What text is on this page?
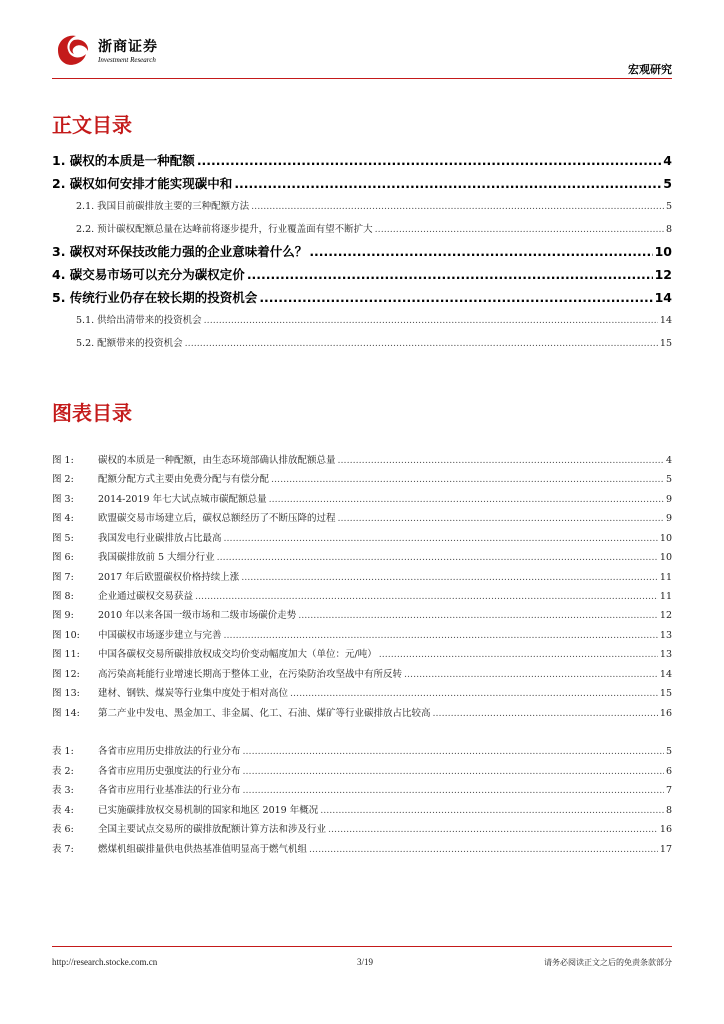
浙商证券
Investment Research
宏观研究
正文目录
1. 碳权的本质是一种配额 .....	4
2. 碳权如何安排才能实现碳中和 .....	5
2.1. 我国目前碳排放主要的三种配额方法 .....	5
2.2. 预计碳权配额总量在达峰前将逐步提升，行业覆盖面有望不断扩大 .....	8
3. 碳权对环保技改能力强的企业意味着什么？ .....	10
4. 碳交易市场可以充分为碳权定价 .....	12
5. 传统行业仍存在较长期的投资机会 .....	14
5.1. 供给出清带来的投资机会 .....	14
5.2. 配额带来的投资机会 .....	15
图表目录
图 1:	碳权的本质是一种配额，由生态环境部确认排放配额总量 .....	4
图 2:	配额分配方式主要由免费分配与有偿分配 .....	5
图 3:	2014-2019 年七大试点城市碳配额总量 .....	9
图 4:	欧盟碳交易市场建立后，碳权总额经历了不断压降的过程 .....	9
图 5:	我国发电行业碳排放占比最高 .....	10
图 6:	我国碳排放前 5 大细分行业 .....	10
图 7:	2017 年后欧盟碳权价格持续上涨 .....	11
图 8:	企业通过碳权交易获益 .....	11
图 9:	2010 年以来各国一级市场和二级市场碳价走势 .....	12
图 10:	中国碳权市场逐步建立与完善 .....	13
图 11:	中国各碳权交易所碳排放权成交均价变动幅度加大（单位：元/吨） .....	13
图 12:	高污染高耗能行业增速长期高于整体工业，在污染防治攻坚战中有所反转 .....	14
图 13:	建材、钢铁、煤炭等行业集中度处于相对高位 .....	15
图 14:	第二产业中发电、黑金加工、非金属、化工、石油、煤矿等行业碳排放占比较高 .....	16
表 1:	各省市应用历史排放法的行业分布 .....	5
表 2:	各省市应用历史强度法的行业分布 .....	6
表 3:	各省市应用行业基准法的行业分布 .....	7
表 4:	已实施碳排放权交易机制的国家和地区 2019 年概况 .....	8
表 6:	全国主要试点交易所的碳排放配额计算方法和涉及行业 .....	16
表 7:	燃煤机组碳排量供电供热基准值明显高于燃气机组 .....	17
http://research.stocke.com.cn	3/19	请务必阅读正文之后的免责条款部分
